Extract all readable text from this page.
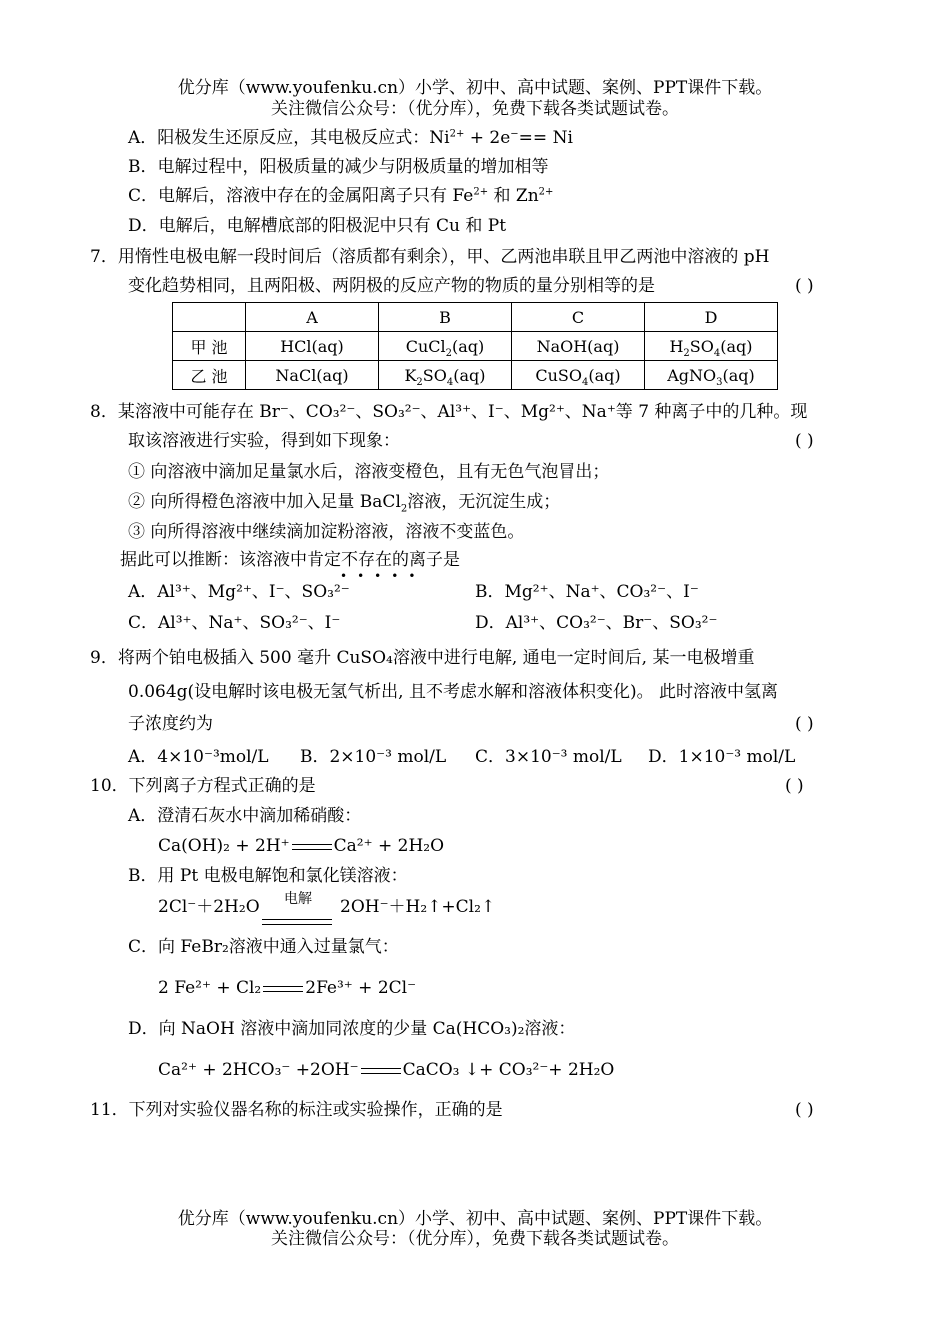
优分库（www.youfenku.cn）小学、初中、高中试题、案例、PPT课件下载。
关注微信公众号：（优分库），免费下载各类试题试卷。
A．阳极发生还原反应，其电极反应式：$Ni^{2+} + 2e^-== Ni$
B．电解过程中，阳极质量的减少与阴极质量的增加相等
C．电解后，溶液中存在的金属阳离子只有 $Fe^{2+}$ 和 $Zn^{2+}$
D．电解后，电解槽底部的阳极泥中只有 Cu 和 Pt
7．用惰性电极电解一段时间后（溶质都有剩余），甲、乙两池串联且甲乙两池中溶液的 pH
变化趋势相同，且两阳极、两阴极的反应产物的物质的量分别相等的是	( )
	A	B	C	D
甲 池	HCl(aq)	CuCl$_2$(aq)	NaOH(aq)	$H_2SO_4(aq)$
乙 池	NaCl(aq)	$K_2SO_4(aq)$	CuSO$_4$(aq)	AgNO$_3$(aq)
8．某溶液中可能存在 Br⁻、CO₃²⁻、SO₃²⁻、Al³⁺、I⁻、Mg²⁺、Na⁺等 7 种离子中的几种。现
取该溶液进行实验，得到如下现象：	( )
① 向溶液中滴加足量氯水后，溶液变橙色，且有无色气泡冒出；
② 向所得橙色溶液中加入足量 BaCl$_2$溶液，无沉淀生成；
③ 向所得溶液中继续滴加淀粉溶液，溶液不变蓝色。
据此可以推断：该溶液中肯定不存在的离子是
•••••
A．Al³⁺、Mg²⁺、I⁻、SO₃²⁻	B．Mg²⁺、Na⁺、CO₃²⁻、I⁻
C．Al³⁺、Na⁺、SO₃²⁻、I⁻	D．Al³⁺、CO₃²⁻、Br⁻、SO₃²⁻
9．将两个铂电极插入 500 毫升 CuSO₄溶液中进行电解, 通电一定时间后, 某一电极增重
0.064g(设电解时该电极无氢气析出, 且不考虑水解和溶液体积变化)。 此时溶液中氢离
子浓度约为	( )
A．4×10⁻³mol/L B．2×10⁻³ mol/L C．3×10⁻³ mol/L D．1×10⁻³ mol/L
10．下列离子方程式正确的是	( )
A．澄清石灰水中滴加稀硝酸：
Ca(OH)₂ + 2H⁺	Ca²⁺ + 2H₂O
B．用 Pt 电极电解饱和氯化镁溶液：
2Cl⁻＋2H₂O	电解	2OH⁻＋H₂↑+Cl₂↑
C．向 FeBr₂溶液中通入过量氯气：
2 Fe²⁺ + Cl₂	2Fe³⁺ + 2Cl⁻
D．向 NaOH 溶液中滴加同浓度的少量 Ca(HCO₃)₂溶液：
Ca²⁺ + 2HCO₃⁻ +2OH⁻	CaCO₃ ↓+ CO₃²⁻+ 2H₂O
11．下列对实验仪器名称的标注或实验操作，正确的是	( )
优分库（www.youfenku.cn）小学、初中、高中试题、案例、PPT课件下载。
关注微信公众号：（优分库），免费下载各类试题试卷。
